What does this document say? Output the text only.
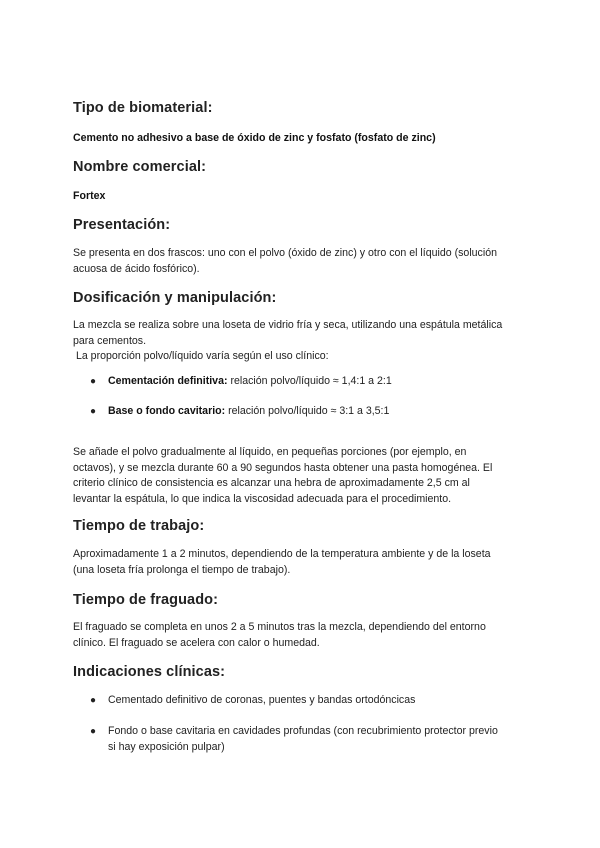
Tipo de biomaterial:

Cemento no adhesivo a base de óxido de zinc y fosfato (fosfato de zinc)

Nombre comercial:

Fortex

Presentación:

Se presenta en dos frascos: uno con el polvo (óxido de zinc) y otro con el líquido (solución
acuosa de ácido fosfórico).

Dosificación y manipulación:

La mezcla se realiza sobre una loseta de vidrio fría y seca, utilizando una espátula metálica
para cementos.
La proporción polvo/líquido varía según el uso clínico:

● Cementación definitiva: relación polvo/líquido ≈ 1,4:1 a 2:1
● Base o fondo cavitario: relación polvo/líquido ≈ 3:1 a 3,5:1

Se añade el polvo gradualmente al líquido, en pequeñas porciones (por ejemplo, en
octavos), y se mezcla durante 60 a 90 segundos hasta obtener una pasta homogénea. El
criterio clínico de consistencia es alcanzar una hebra de aproximadamente 2,5 cm al
levantar la espátula, lo que indica la viscosidad adecuada para el procedimiento.

Tiempo de trabajo:

Aproximadamente 1 a 2 minutos, dependiendo de la temperatura ambiente y de la loseta
(una loseta fría prolonga el tiempo de trabajo).

Tiempo de fraguado:

El fraguado se completa en unos 2 a 5 minutos tras la mezcla, dependiendo del entorno
clínico. El fraguado se acelera con calor o humedad.

Indicaciones clínicas:
● Cementado definitivo de coronas, puentes y bandas ortodóncicas
● Fondo o base cavitaria en cavidades profundas (con recubrimiento protector previo
si hay exposición pulpar)
